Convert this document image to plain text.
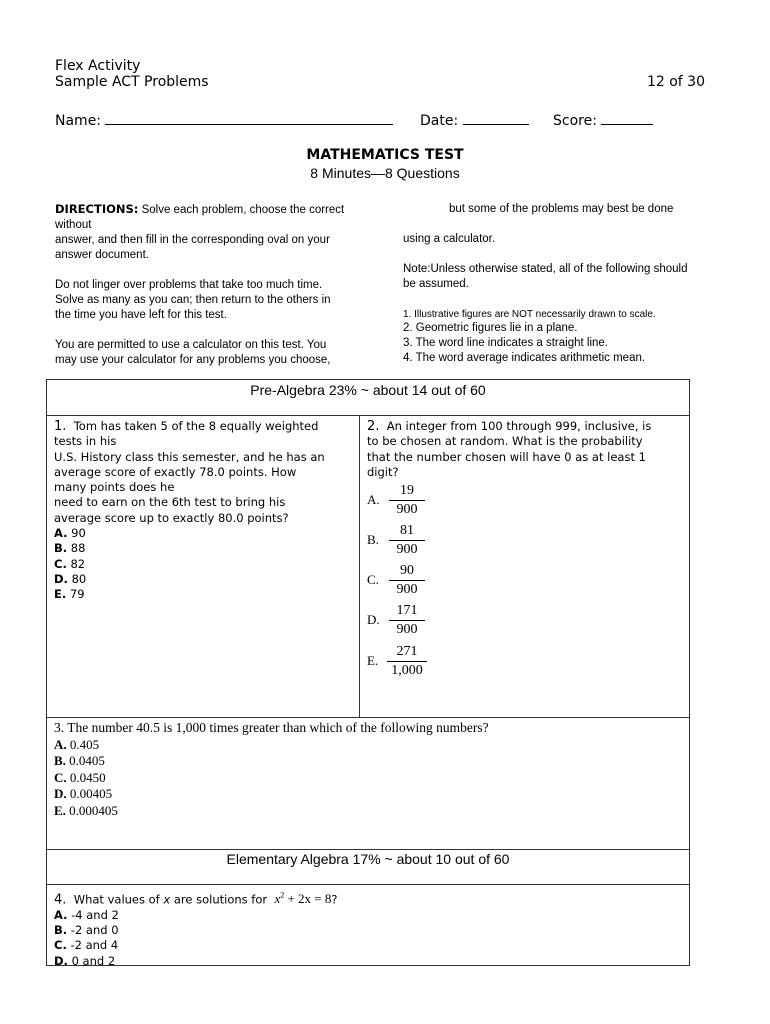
Flex Activity
Sample ACT Problems	12 of 30
Name:	Date:	Score:
MATHEMATICS TEST
8 Minutes—8 Questions
DIRECTIONS: Solve each problem, choose the correct
without
answer, and then fill in the corresponding oval on your
answer document.
Do not linger over problems that take too much time.
Solve as many as you can; then return to the others in
the time you have left for this test.
You are permitted to use a calculator on this test. You
may use your calculator for any problems you choose,
but some of the problems may best be done
using a calculator.
Note:Unless otherwise stated, all of the following should
be assumed.
1. Illustrative figures are NOT necessarily drawn to scale.
2. Geometric figures lie in a plane.
3. The word line indicates a straight line.
4. The word average indicates arithmetic mean.
Pre-Algebra 23% ~ about 14 out of 60
Elementary Algebra 17% ~ about 10 out of 60
1. Tom has taken 5 of the 8 equally weighted
tests in his
U.S. History class this semester, and he has an
average score of exactly 78.0 points. How
many points does he
need to earn on the 6th test to bring his
average score up to exactly 80.0 points?
A. 90
B. 88
C. 82
D. 80
E. 79
2. An integer from 100 through 999, inclusive, is
to be chosen at random. What is the probability
that the number chosen will have 0 as at least 1
digit?
A. $\frac{19}{900}$
B. $\frac{81}{900}$
C. $\frac{90}{900}$
D. $\frac{171}{900}$
E. $\frac{271}{1,000}$
3. The number 40.5 is 1,000 times greater than which of the following numbers?
A. 0.405
B. 0.0405
C. 0.0450
D. 0.00405
E. 0.000405
4. What values of x are solutions for $x^2 + 2x = 8$?
A. -4 and 2
B. -2 and 0
C. -2 and 4
D. 0 and 2
